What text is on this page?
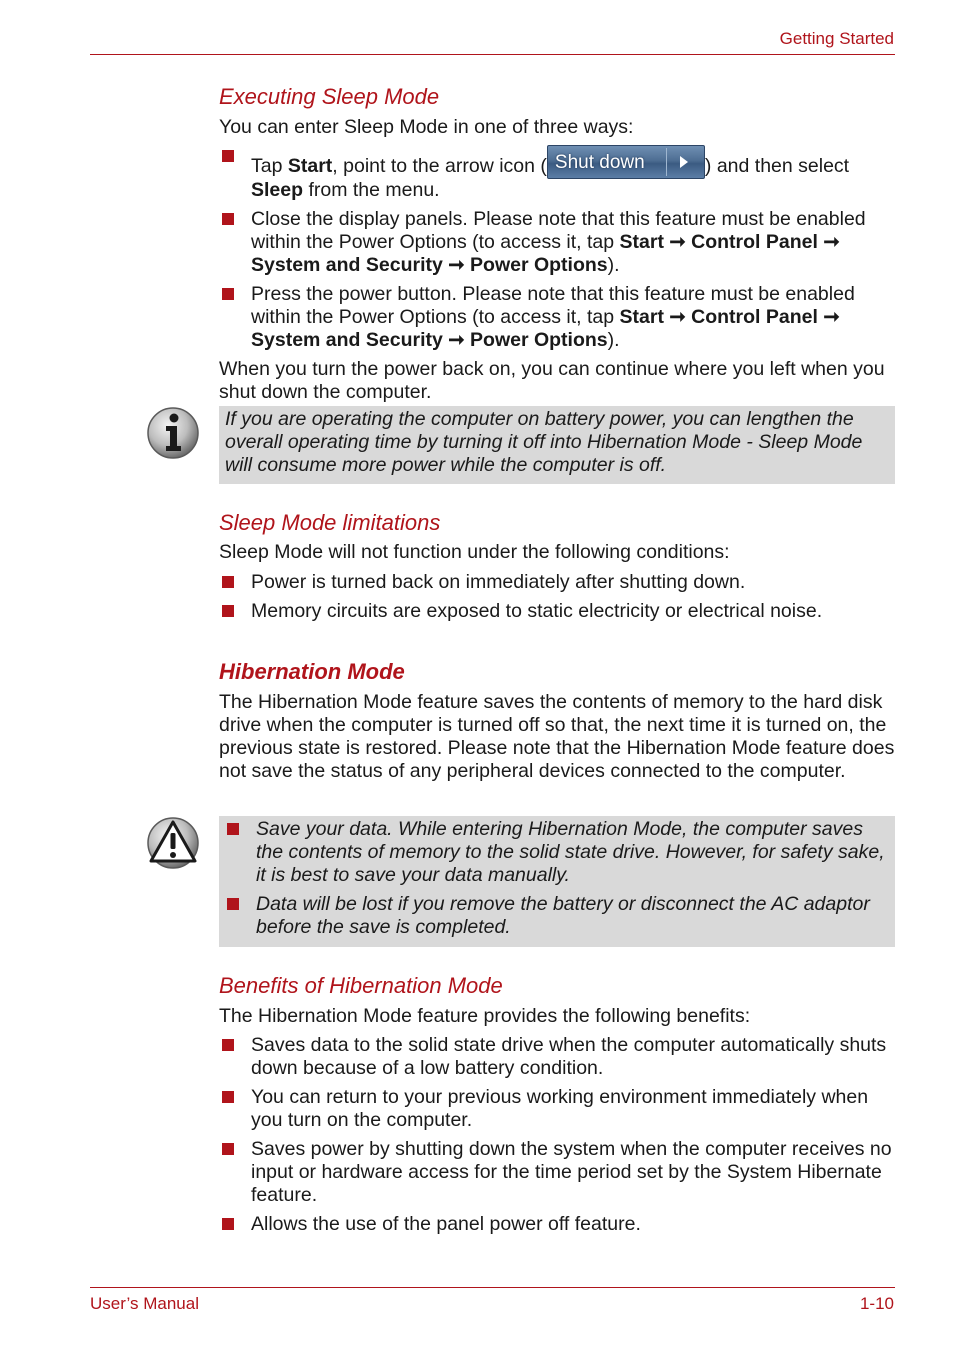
Getting Started
Executing Sleep Mode

You can enter Sleep Mode in one of three ways:

Tap Start, point to the arrow icon ( Shut down	) and then select
Sleep from the menu.
Close the display panels. Please note that this feature must be enabled within the Power Options (to access it, tap Start ➞ Control Panel ➞ System and Security ➞ Power Options).
Press the power button. Please note that this feature must be enabled within the Power Options (to access it, tap Start ➞ Control Panel ➞ System and Security ➞ Power Options).

When you turn the power back on, you can continue where you left when you shut down the computer.

If you are operating the computer on battery power, you can lengthen the overall operating time by turning it off into Hibernation Mode - Sleep Mode will consume more power while the computer is off.

Sleep Mode limitations

Sleep Mode will not function under the following conditions:

Power is turned back on immediately after shutting down.
Memory circuits are exposed to static electricity or electrical noise.
Hibernation Mode

The Hibernation Mode feature saves the contents of memory to the hard disk drive when the computer is turned off so that, the next time it is turned on, the previous state is restored. Please note that the Hibernation Mode feature does not save the status of any peripheral devices connected to the computer.

Save your data. While entering Hibernation Mode, the computer saves the contents of memory to the solid state drive. However, for safety sake, it is best to save your data manually.
Data will be lost if you remove the battery or disconnect the AC adaptor before the save is completed.
Benefits of Hibernation Mode

The Hibernation Mode feature provides the following benefits:

Saves data to the solid state drive when the computer automatically shuts down because of a low battery condition.
You can return to your previous working environment immediately when you turn on the computer.
Saves power by shutting down the system when the computer receives no input or hardware access for the time period set by the System Hibernate feature.
Allows the use of the panel power off feature.
User’s Manual	1-10
